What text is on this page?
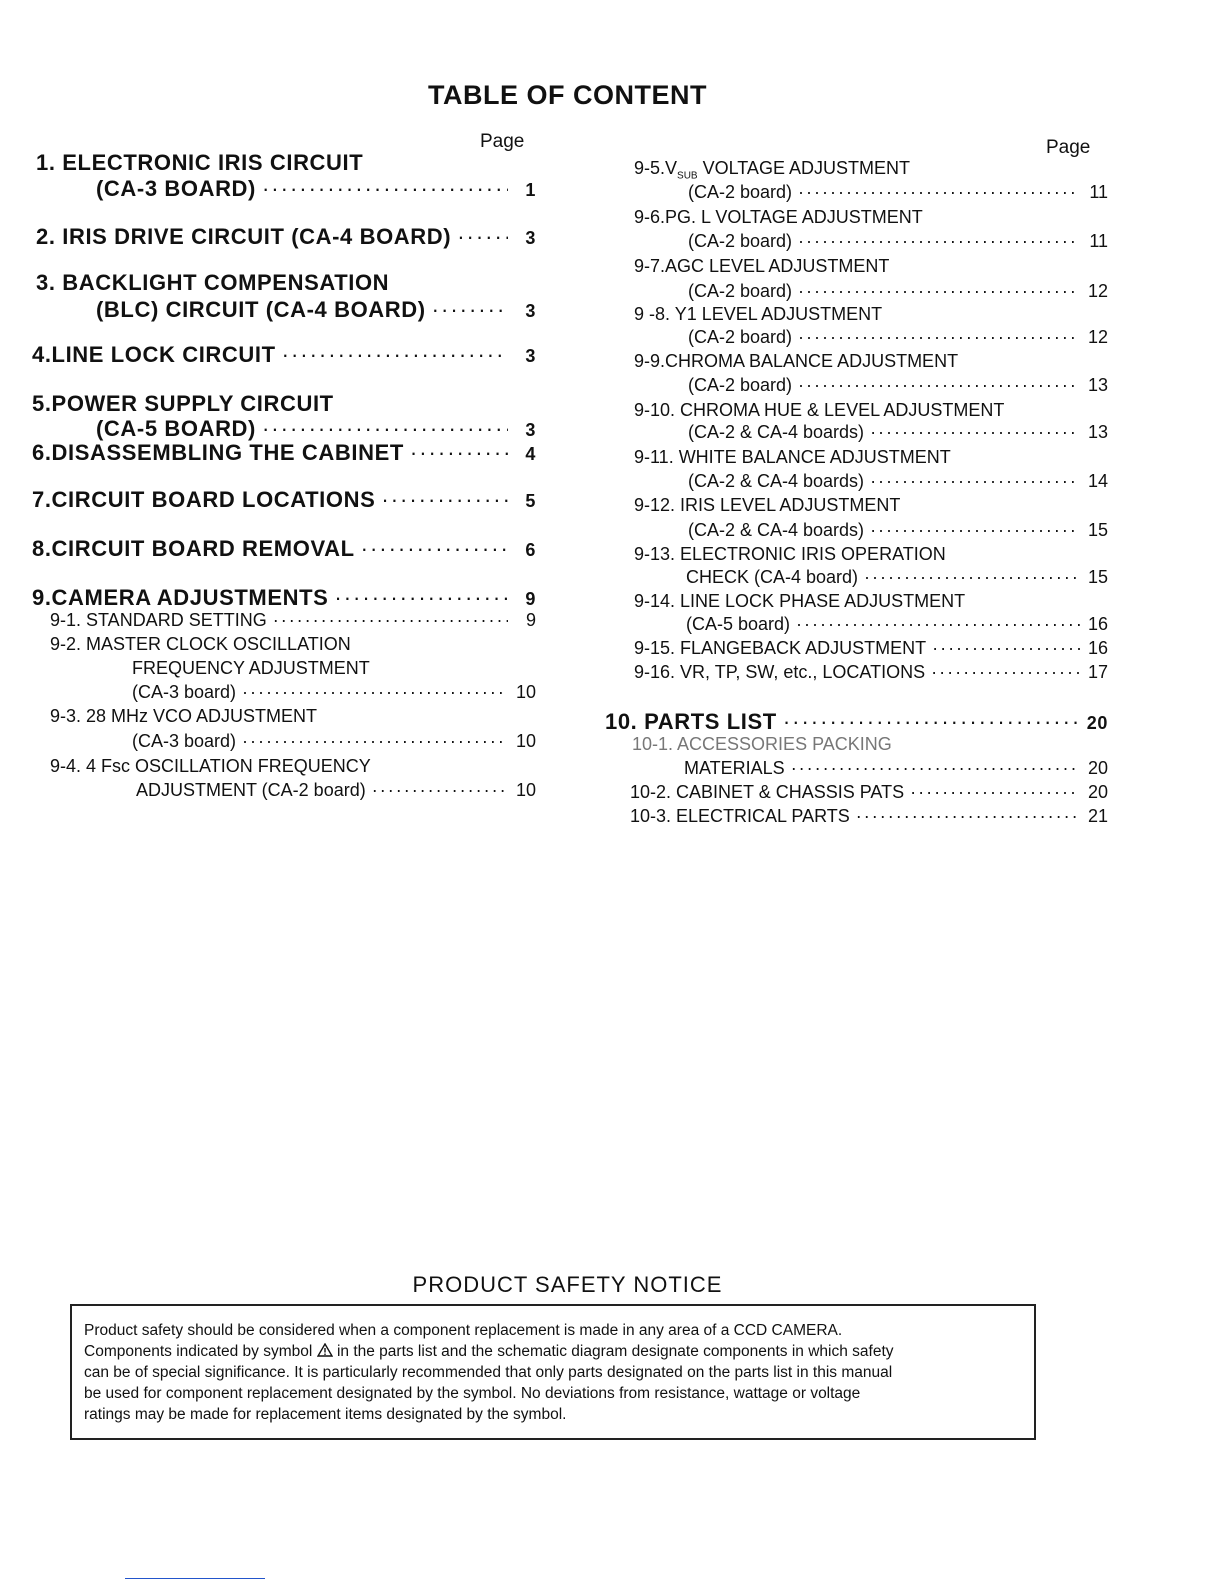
TABLE OF CONTENT
Page	Page
1. ELECTRONIC IRIS CIRCUIT
(CA-3 BOARD) ·····	1
2. IRIS DRIVE CIRCUIT (CA-4 BOARD) ·····	3
3. BACKLIGHT COMPENSATION
(BLC) CIRCUIT (CA-4 BOARD) ·····	3
4.LINE LOCK CIRCUIT ·····	3
5.POWER SUPPLY CIRCUIT
(CA-5 BOARD) ·····	3
6.DISASSEMBLING THE CABINET ·····	4
7.CIRCUIT BOARD LOCATIONS ·····	5
8.CIRCUIT BOARD REMOVAL ·····	6
9.CAMERA ADJUSTMENTS ·····	9
9-1. STANDARD SETTING ·····	9
9-2. MASTER CLOCK OSCILLATION
FREQUENCY ADJUSTMENT
(CA-3 board) ·····	10
9-3. 28 MHz VCO ADJUSTMENT
(CA-3 board) ·····	10
9-4. 4 Fsc OSCILLATION FREQUENCY
ADJUSTMENT (CA-2 board) ·····	10
$9-5.V_{SUB}$ VOLTAGE ADJUSTMENT
(CA-2 board) ·····	11
9-6.PG. L VOLTAGE ADJUSTMENT
(CA-2 board) ·····	11
9-7.AGC LEVEL ADJUSTMENT
(CA-2 board) ·····	12
9 -8. Y1 LEVEL ADJUSTMENT
(CA-2 board) ·····	12
9-9.CHROMA BALANCE ADJUSTMENT
(CA-2 board) ·····	13
9-10. CHROMA HUE & LEVEL ADJUSTMENT
(CA-2 & CA-4 boards) ·····	13
9-11. WHITE BALANCE ADJUSTMENT
(CA-2 & CA-4 boards) ·····	14
9-12. IRIS LEVEL ADJUSTMENT
(CA-2 & CA-4 boards) ·····	15
9-13. ELECTRONIC IRIS OPERATION
CHECK (CA-4 board) ·····	15
9-14. LINE LOCK PHASE ADJUSTMENT
(CA-5 board) ·····	16
9-15. FLANGEBACK ADJUSTMENT ·····	16
9-16. VR, TP, SW, etc., LOCATIONS ·····	17
10. PARTS LIST ·····	20
10-1. ACCESSORIES PACKING
MATERIALS ·····	20
10-2. CABINET & CHASSIS PATS ·····	20
10-3. ELECTRICAL PARTS ·····	21
PRODUCT SAFETY NOTICE
Product safety should be considered when a component replacement is made in any area of a CCD CAMERA.
Components indicated by symbol  in the parts list and the schematic diagram designate components in which safety
can be of special significance. It is particularly recommended that only parts designated on the parts list in this manual
be used for component replacement designated by the symbol. No deviations from resistance, wattage or voltage
ratings may be made for replacement items designated by the symbol.
